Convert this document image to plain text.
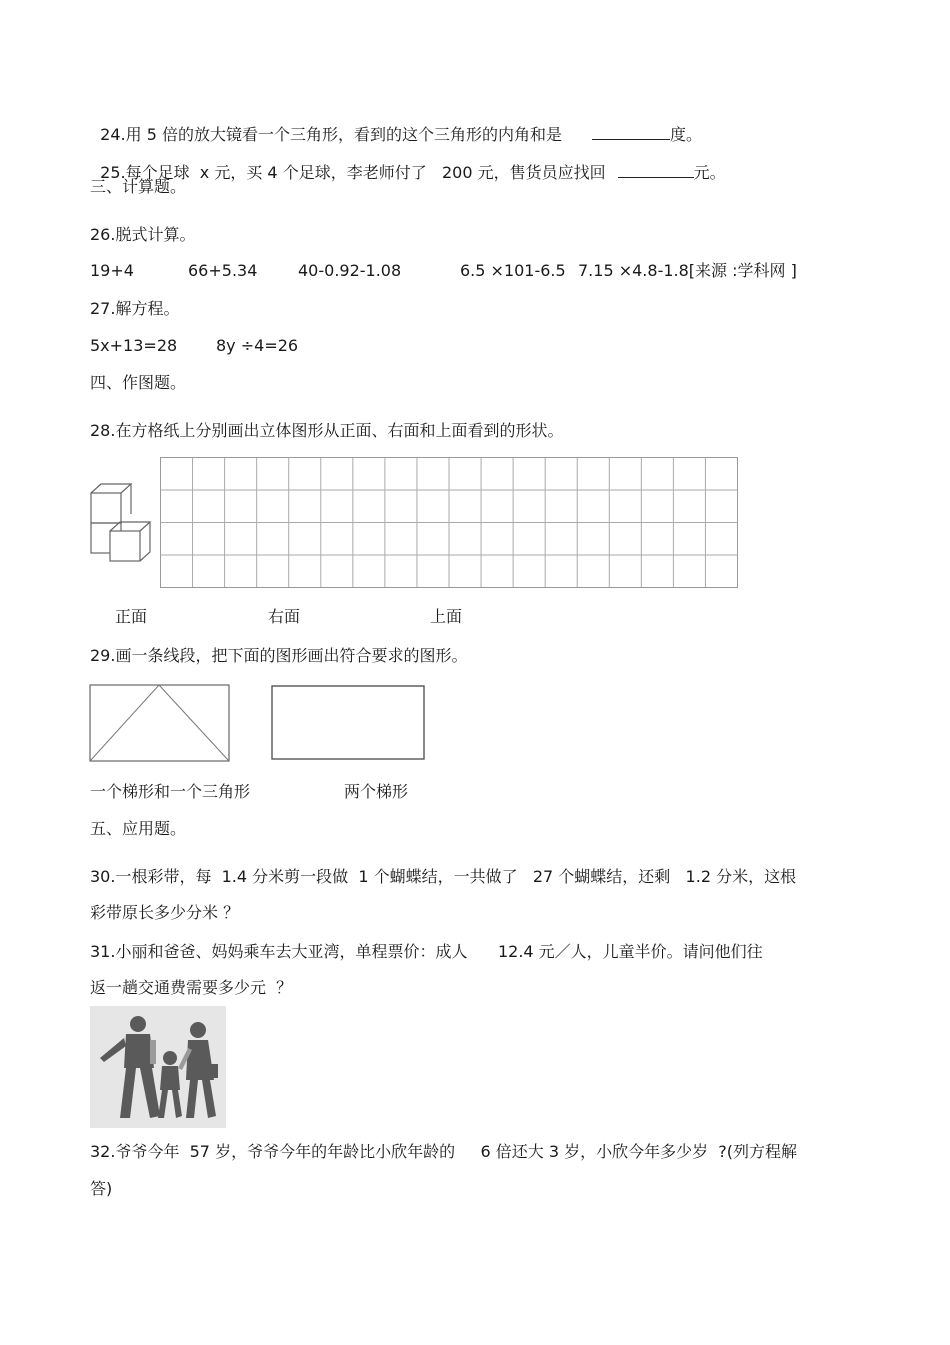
24.用 5 倍的放大镜看一个三角形，看到的这个三角形的内角和是	度。

25.每个足球  x 元，买 4 个足球，李老师付了   200 元，售货员应找回	元。

三、计算题。
26.脱式计算。
19+4	66+5.34	40-0.92-1.08	6.5 ×101-6.5 7.15 ×4.8-1.8[来源 :学科网 ]
27.解方程。
5x+13=28 8y ÷4=26
四、作图题。
28.在方格纸上分别画出立体图形从正面、右面和上面看到的形状。
正面	右面	上面
29.画一条线段，把下面的图形画出符合要求的图形。
一个梯形和一个三角形	两个梯形
五、应用题。
30.一根彩带，每  1.4 分米剪一段做  1 个蝴蝶结，一共做了   27 个蝴蝶结，还剩   1.2 分米，这根
彩带原长多少分米 ？
31.小丽和爸爸、妈妈乘车去大亚湾，单程票价：成人      12.4 元／人，儿童半价。请问他们往
返一趟交通费需要多少元  ？
32.爷爷今年  57 岁，爷爷今年的年龄比小欣年龄的     6 倍还大 3 岁，小欣今年多少岁  ?(列方程解
答)
